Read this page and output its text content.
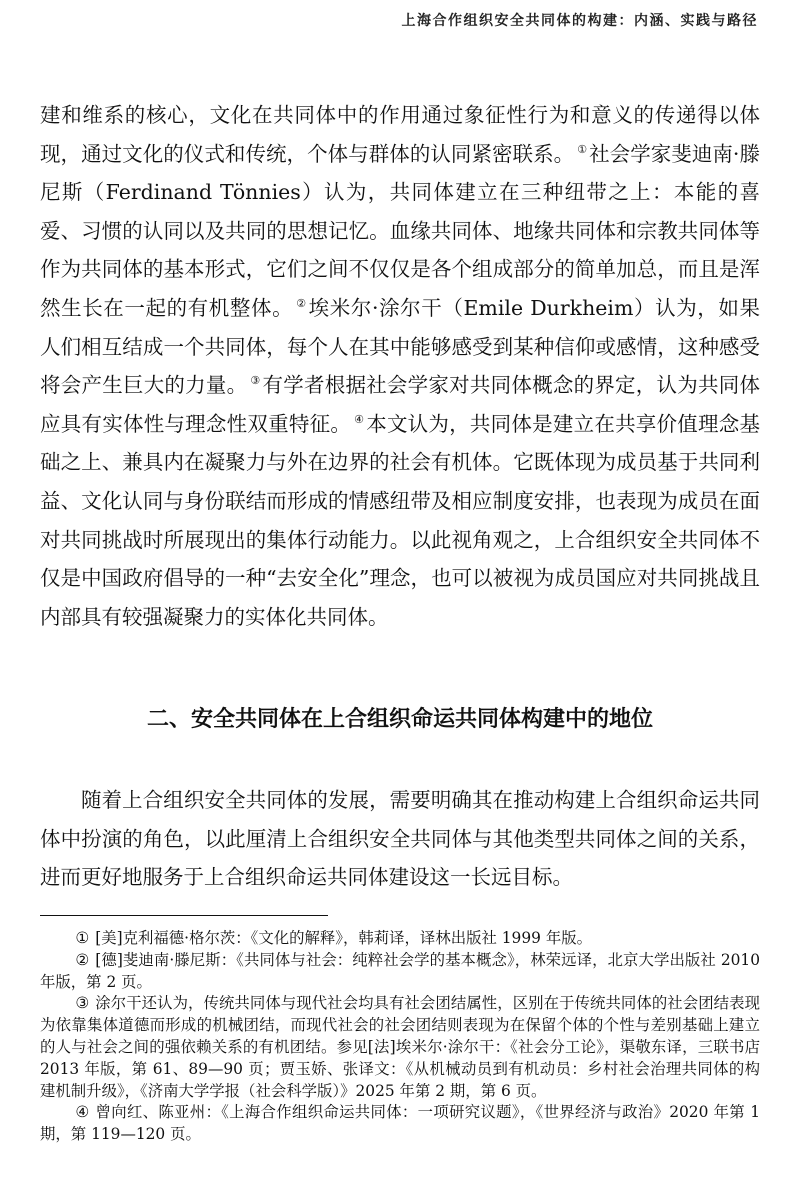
上海合作组织安全共同体的构建：内涵、实践与路径

建和维系的核心，文化在共同体中的作用通过象征性行为和意义的传递得以体现，通过文化的仪式和传统，个体与群体的认同紧密联系。 ①社会学家斐迪南·滕尼斯（Ferdinand Tönnies）认为，共同体建立在三种纽带之上：本能的喜爱、习惯的认同以及共同的思想记忆。血缘共同体、地缘共同体和宗教共同体等作为共同体的基本形式，它们之间不仅仅是各个组成部分的简单加总，而且是浑然生长在一起的有机整体。 ②埃米尔·涂尔干（Emile Durkheim）认为，如果人们相互结成一个共同体，每个人在其中能够感受到某种信仰或感情，这种感受将会产生巨大的力量。 ③有学者根据社会学家对共同体概念的界定，认为共同体应具有实体性与理念性双重特征。 ④本文认为，共同体是建立在共享价值理念基础之上、兼具内在凝聚力与外在边界的社会有机体。它既体现为成员基于共同利益、文化认同与身份联结而形成的情感纽带及相应制度安排，也表现为成员在面对共同挑战时所展现出的集体行动能力。以此视角观之，上合组织安全共同体不仅是中国政府倡导的一种“去安全化”理念，也可以被视为成员国应对共同挑战且内部具有较强凝聚力的实体化共同体。

二、安全共同体在上合组织命运共同体构建中的地位

随着上合组织安全共同体的发展，需要明确其在推动构建上合组织命运共同体中扮演的角色，以此厘清上合组织安全共同体与其他类型共同体之间的关系，进而更好地服务于上合组织命运共同体建设这一长远目标。

① [美]克利福德·格尔茨：《文化的解释》，韩莉译，译林出版社 1999 年版。
② [德]斐迪南·滕尼斯：《共同体与社会：纯粹社会学的基本概念》，林荣远译，北京大学出版社 2010 年版，第 2 页。
③ 涂尔干还认为，传统共同体与现代社会均具有社会团结属性，区别在于传统共同体的社会团结表现为依靠集体道德而形成的机械团结，而现代社会的社会团结则表现为在保留个体的个性与差别基础上建立的人与社会之间的强依赖关系的有机团结。参见[法]埃米尔·涂尔干：《社会分工论》，渠敬东译，三联书店 2013 年版，第 61、89—90 页；贾玉娇、张译文：《从机械动员到有机动员：乡村社会治理共同体的构建机制升级》，《济南大学学报（社会科学版）》2025 年第 2 期，第 6 页。
④ 曾向红、陈亚州：《上海合作组织命运共同体：一项研究议题》，《世界经济与政治》2020 年第 1 期，第 119—120 页。
